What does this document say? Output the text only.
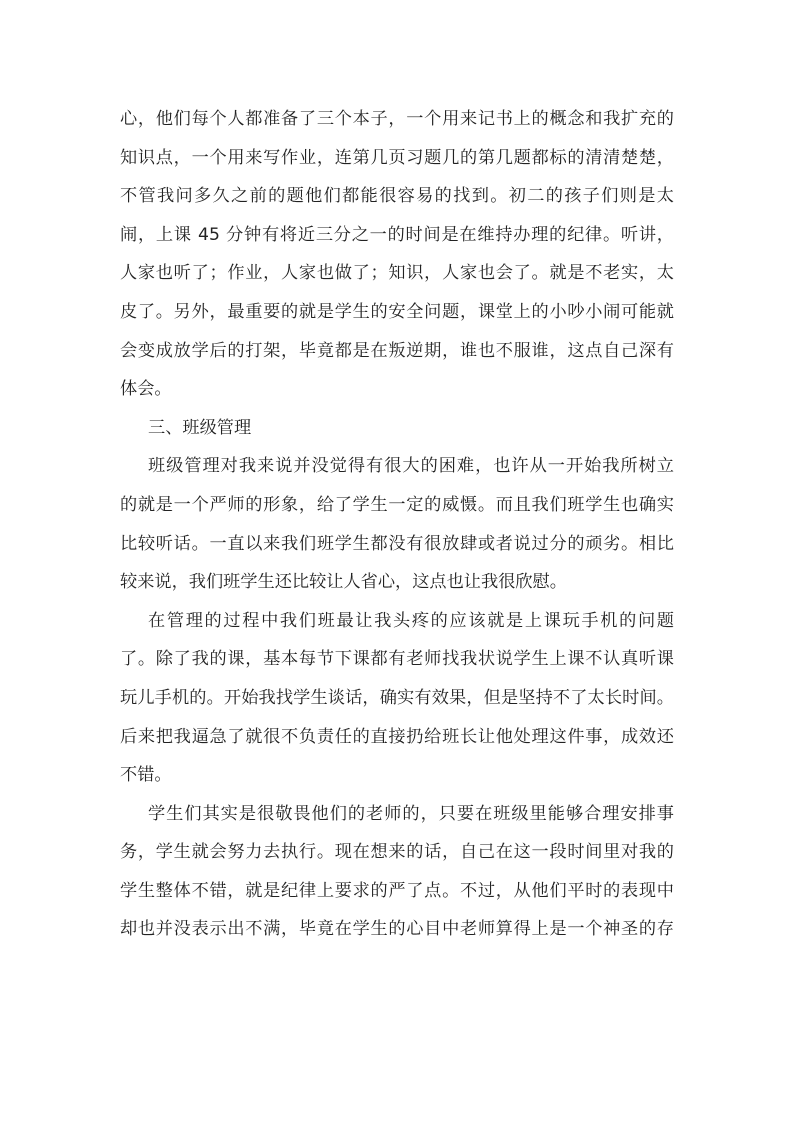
心，他们每个人都准备了三个本子，一个用来记书上的概念和我扩充的
知识点，一个用来写作业，连第几页习题几的第几题都标的清清楚楚，
不管我问多久之前的题他们都能很容易的找到。初二的孩子们则是太
闹，上课 45 分钟有将近三分之一的时间是在维持办理的纪律。听讲，
人家也听了；作业，人家也做了；知识，人家也会了。就是不老实，太
皮了。另外，最重要的就是学生的安全问题，课堂上的小吵小闹可能就
会变成放学后的打架，毕竟都是在叛逆期，谁也不服谁，这点自己深有
体会。
三、班级管理
班级管理对我来说并没觉得有很大的困难，也许从一开始我所树立
的就是一个严师的形象，给了学生一定的威慑。而且我们班学生也确实
比较听话。一直以来我们班学生都没有很放肆或者说过分的顽劣。相比
较来说，我们班学生还比较让人省心，这点也让我很欣慰。
在管理的过程中我们班最让我头疼的应该就是上课玩手机的问题
了。除了我的课，基本每节下课都有老师找我状说学生上课不认真听课
玩儿手机的。开始我找学生谈话，确实有效果，但是坚持不了太长时间。
后来把我逼急了就很不负责任的直接扔给班长让他处理这件事，成效还
不错。
学生们其实是很敬畏他们的老师的，只要在班级里能够合理安排事
务，学生就会努力去执行。现在想来的话，自己在这一段时间里对我的
学生整体不错，就是纪律上要求的严了点。不过，从他们平时的表现中
却也并没表示出不满，毕竟在学生的心目中老师算得上是一个神圣的存
